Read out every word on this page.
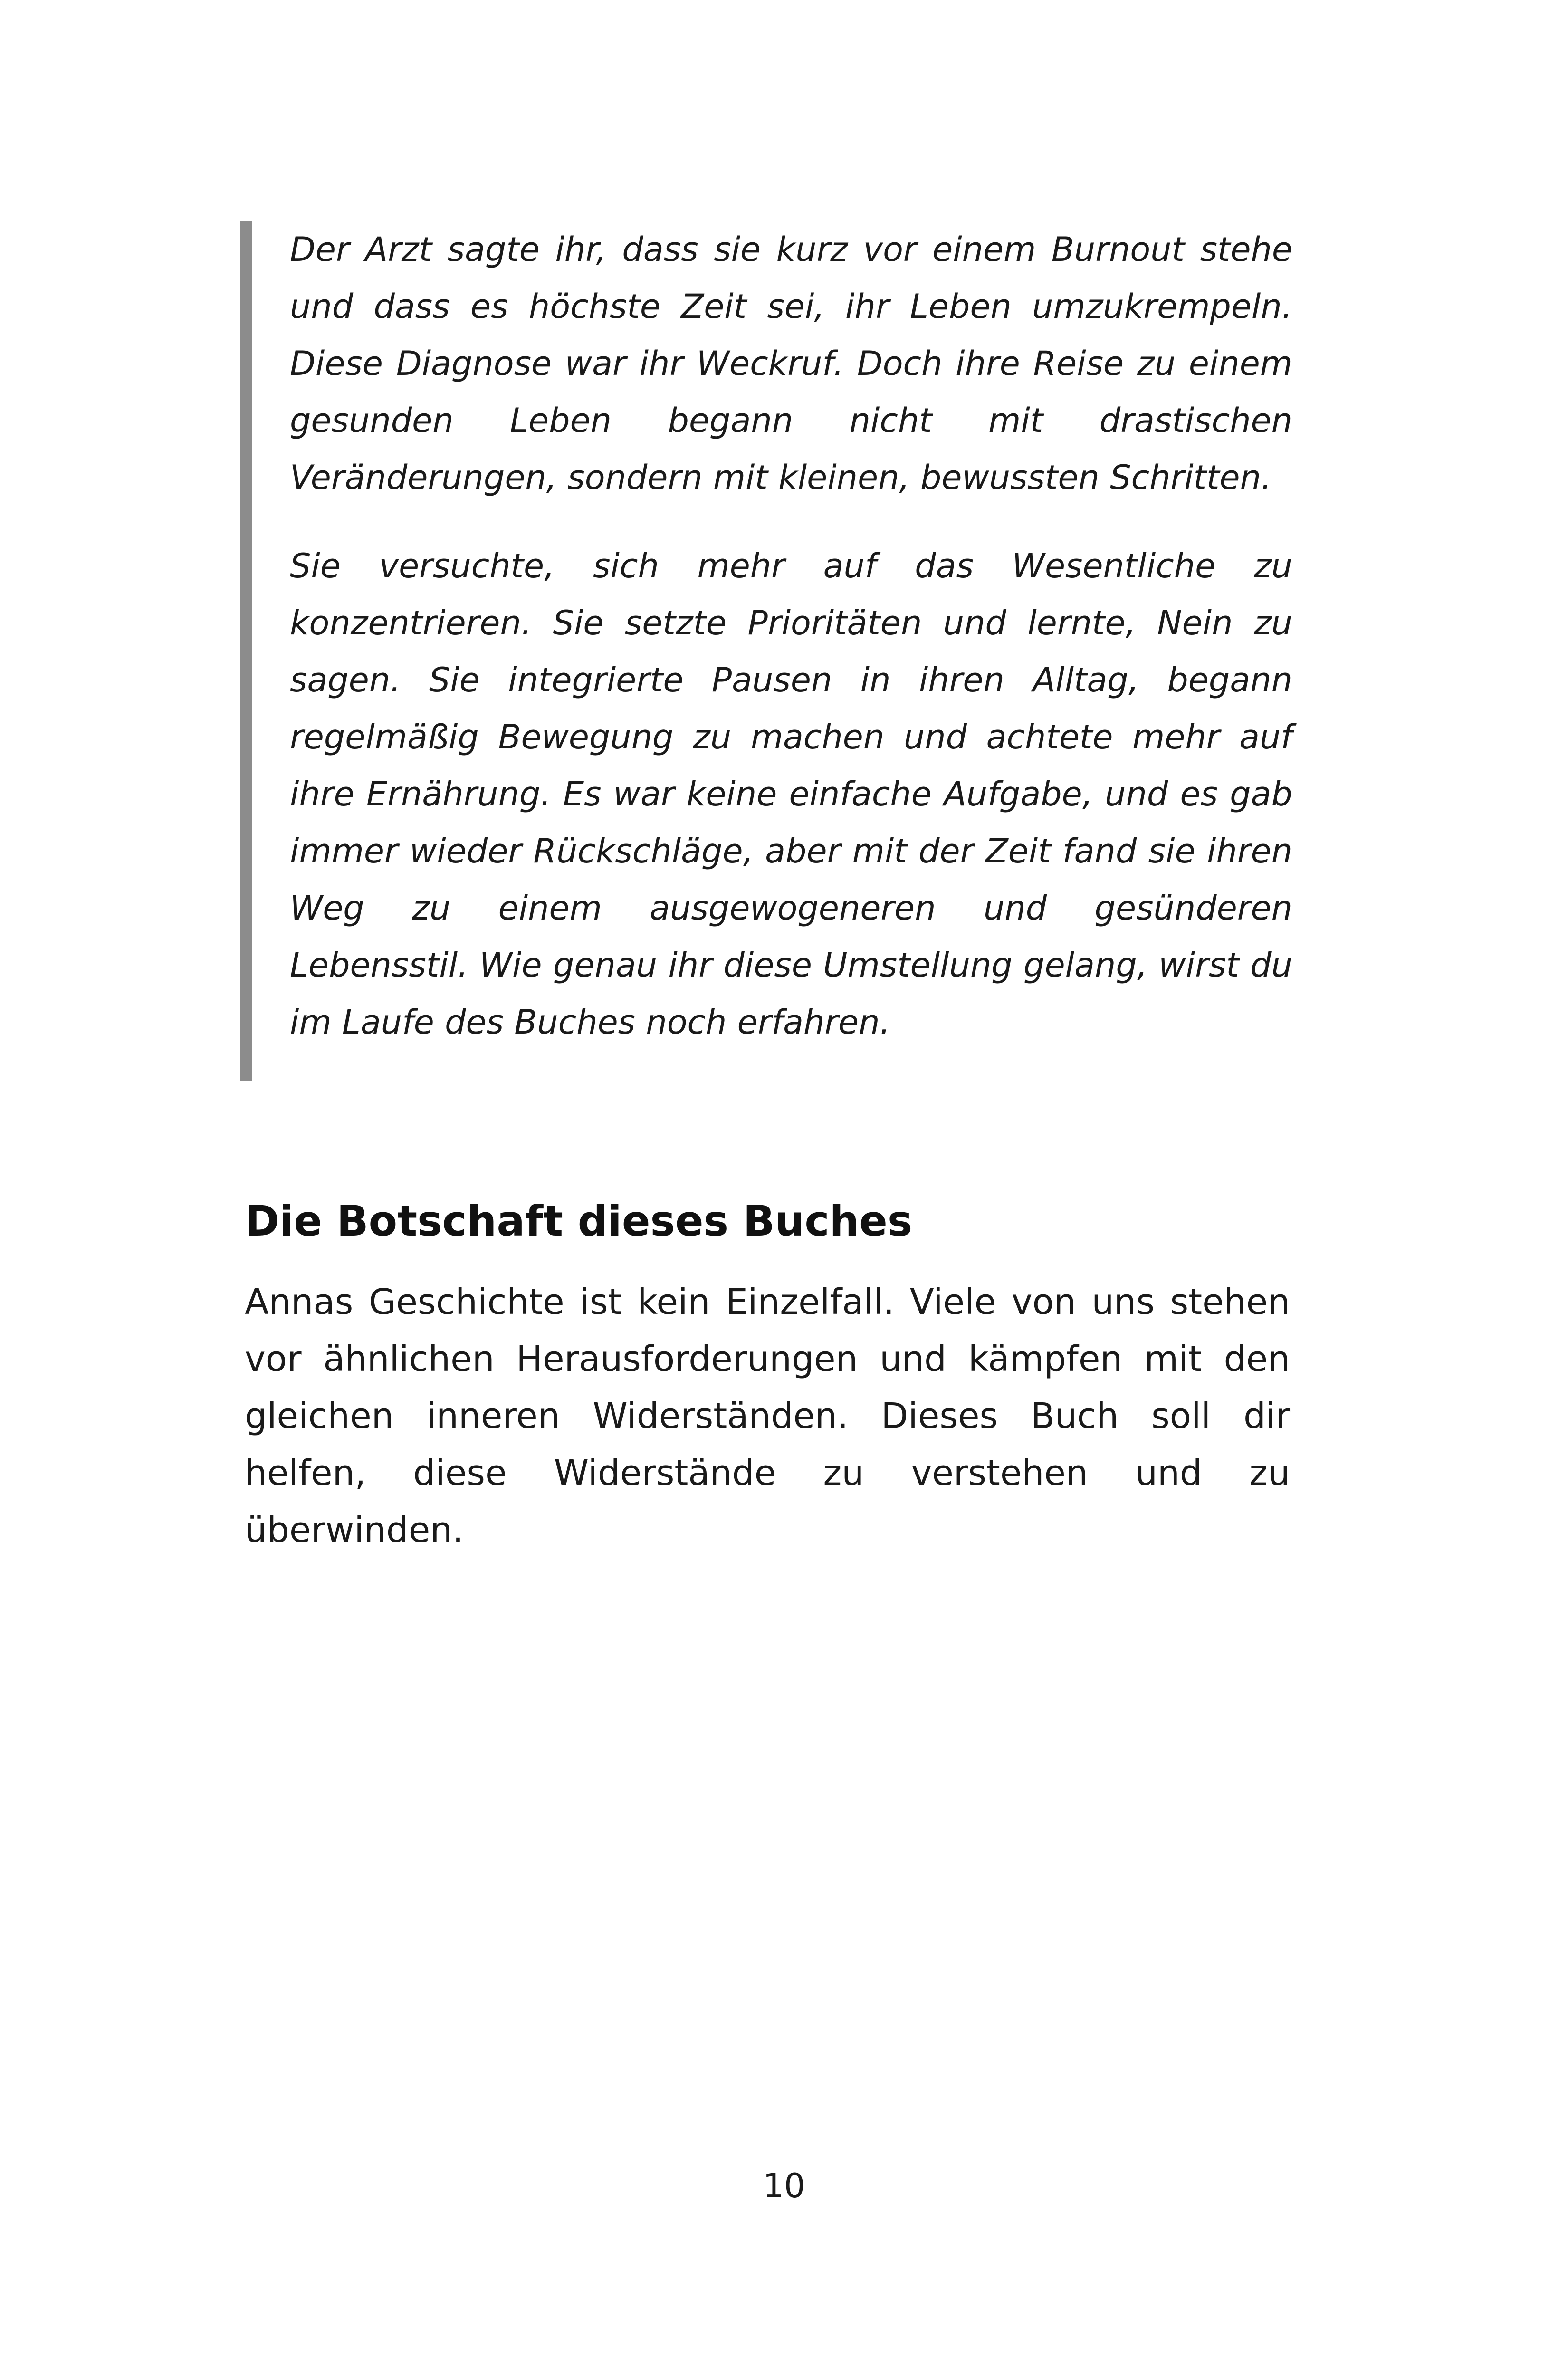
Der Arzt sagte ihr, dass sie kurz vor einem Burnout stehe und dass es höchste Zeit sei, ihr Leben umzukrempeln. Diese Diagnose war ihr Weckruf. Doch ihre Reise zu einem gesunden Leben begann nicht mit drastischen Veränderungen, sondern mit kleinen, bewussten Schritten.

Sie versuchte, sich mehr auf das Wesentliche zu konzentrieren. Sie setzte Prioritäten und lernte, Nein zu sagen. Sie integrierte Pausen in ihren Alltag, begann regelmäßig Bewegung zu machen und achtete mehr auf ihre Ernährung. Es war keine einfache Aufgabe, und es gab immer wieder Rückschläge, aber mit der Zeit fand sie ihren Weg zu einem ausgewogeneren und gesünderen Lebensstil. Wie genau ihr diese Umstellung gelang, wirst du im Laufe des Buches noch erfahren.

Die Botschaft dieses Buches

Annas Geschichte ist kein Einzelfall. Viele von uns stehen vor ähnlichen Herausforderungen und kämpfen mit den gleichen inneren Widerständen. Dieses Buch soll dir helfen, diese Widerstände zu verstehen und zu überwinden.

10
